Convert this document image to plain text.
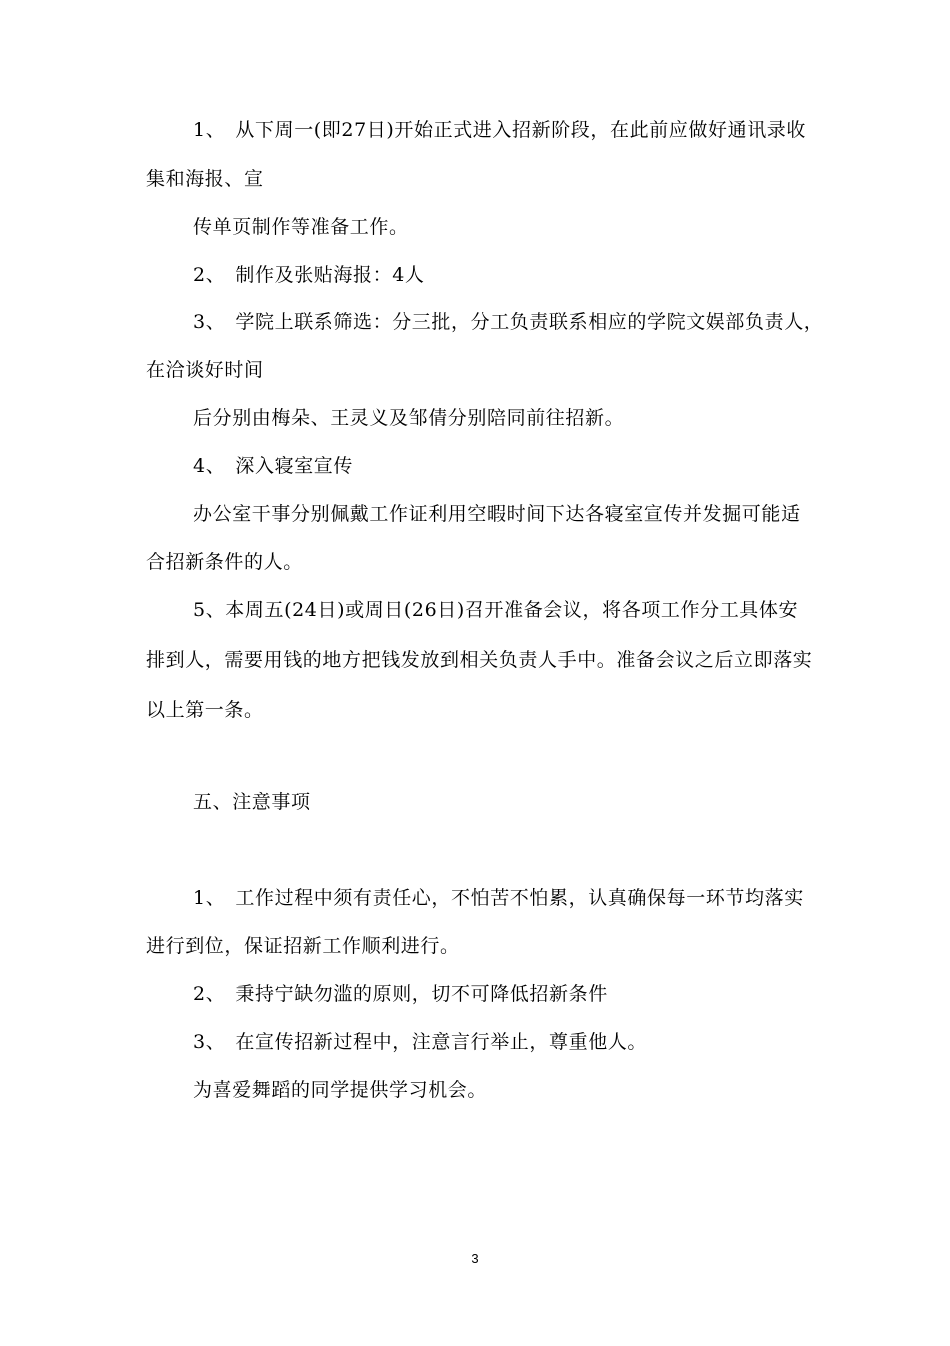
1、　从下周一(即27日)开始正式进入招新阶段，在此前应做好通讯录收
集和海报、宣
传单页制作等准备工作。
2、　制作及张贴海报：4人
3、　学院上联系筛选：分三批，分工负责联系相应的学院文娱部负责人，
在洽谈好时间
后分别由梅朵、王灵义及邹倩分别陪同前往招新。
4、　深入寝室宣传
办公室干事分别佩戴工作证利用空暇时间下达各寝室宣传并发掘可能适
合招新条件的人。
5、本周五(24日)或周日(26日)召开准备会议，将各项工作分工具体安
排到人，需要用钱的地方把钱发放到相关负责人手中。准备会议之后立即落实
以上第一条。
五、注意事项
1、　工作过程中须有责任心，不怕苦不怕累，认真确保每一环节均落实
进行到位，保证招新工作顺利进行。
2、　秉持宁缺勿滥的原则，切不可降低招新条件
3、　在宣传招新过程中，注意言行举止，尊重他人。
为喜爱舞蹈的同学提供学习机会。
3
